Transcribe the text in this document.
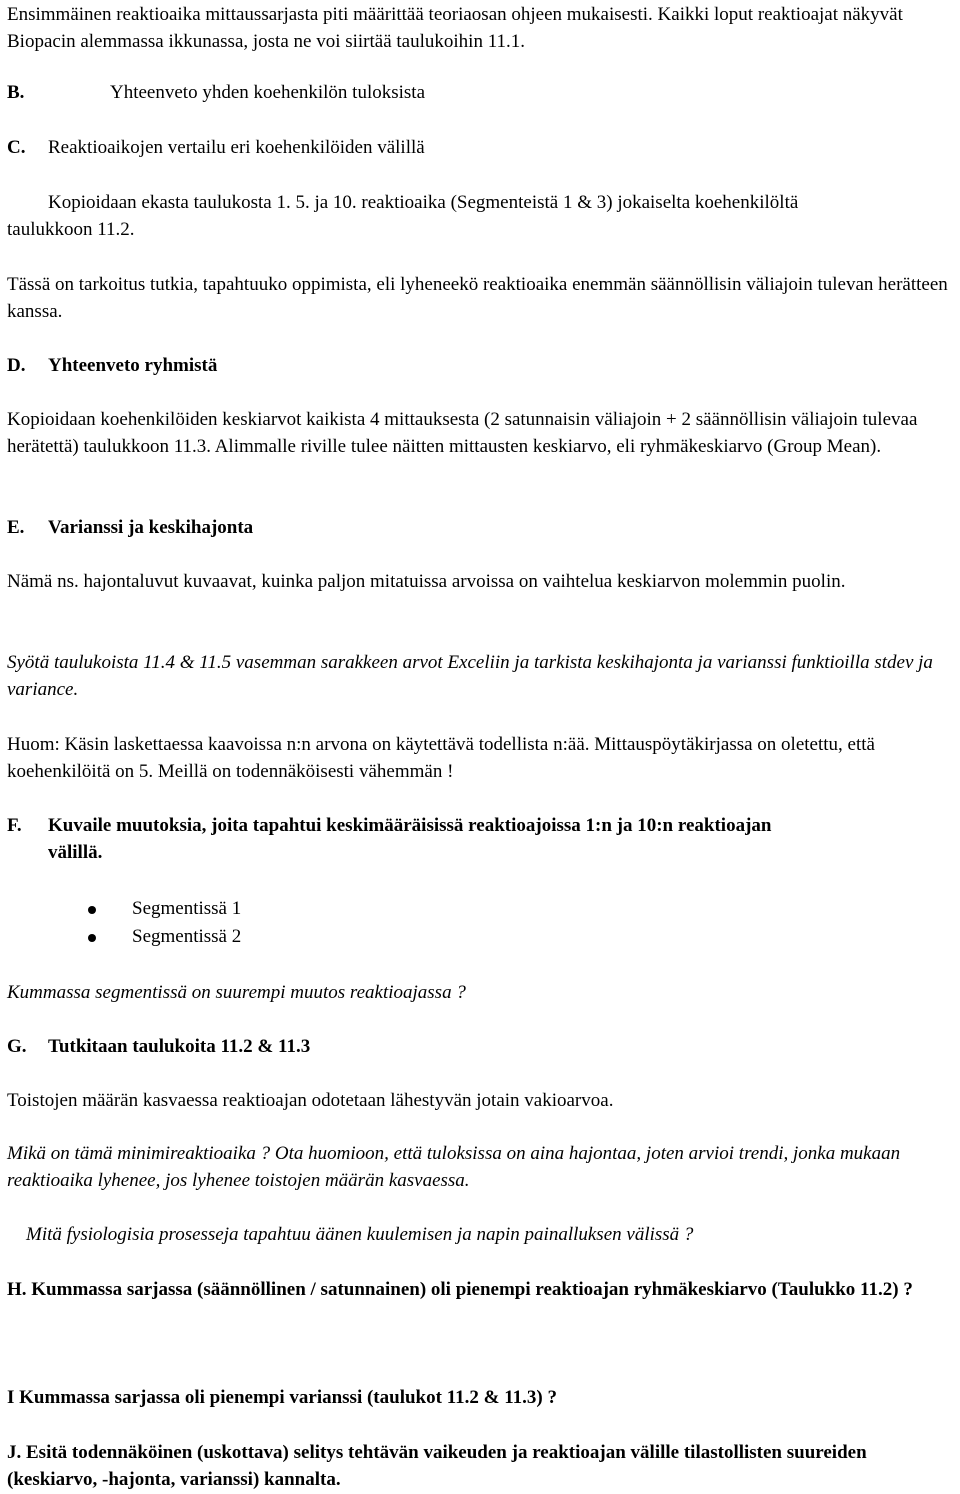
Ensimmäinen reaktioaika mittaussarjasta piti määrittää teoriaosan ohjeen mukaisesti. Kaikki loput reaktioajat näkyvät Biopacin alemmassa ikkunassa, josta ne voi siirtää taulukoihin 11.1.

B.	Yhteenveto yhden koehenkilön tuloksista

C. Reaktioaikojen vertailu eri koehenkilöiden välillä

Kopioidaan ekasta taulukosta 1. 5. ja 10. reaktioaika (Segmenteistä 1 & 3) jokaiselta koehenkilöltä

taulukkoon 11.2.

Tässä on tarkoitus tutkia, tapahtuuko oppimista, eli lyheneekö reaktioaika enemmän säännöllisin väliajoin tulevan herätteen kanssa.

D. Yhteenveto ryhmistä

Kopioidaan koehenkilöiden keskiarvot kaikista 4 mittauksesta (2 satunnaisin väliajoin + 2 säännöllisin väliajoin tulevaa herätettä) taulukkoon 11.3. Alimmalle riville tulee näitten mittausten keskiarvo, eli ryhmäkeskiarvo (Group Mean).

E. Varianssi ja keskihajonta

Nämä ns. hajontaluvut kuvaavat, kuinka paljon mitatuissa arvoissa on vaihtelua keskiarvon molemmin puolin.

Syötä taulukoista 11.4 & 11.5 vasemman sarakkeen arvot Exceliin ja tarkista keskihajonta ja varianssi funktioilla stdev ja variance.

Huom: Käsin laskettaessa kaavoissa n:n arvona on käytettävä todellista n:ää. Mittauspöytäkirjassa on oletettu, että koehenkilöitä on 5. Meillä on todennäköisesti vähemmän !

F. Kuvaile muutoksia, joita tapahtui keskimääräisissä reaktioajoissa 1:n ja 10:n reaktioajan

välillä.

Segmentissä 1

Segmentissä 2

Kummassa segmentissä on suurempi muutos reaktioajassa ?

G. Tutkitaan taulukoita 11.2 & 11.3

Toistojen määrän kasvaessa reaktioajan odotetaan lähestyvän jotain vakioarvoa.

Mikä on tämä minimireaktioaika ? Ota huomioon, että tuloksissa on aina hajontaa, joten arvioi trendi, jonka mukaan reaktioaika lyhenee, jos lyhenee toistojen määrän kasvaessa.

Mitä fysiologisia prosesseja tapahtuu äänen kuulemisen ja napin painalluksen välissä ?

H. Kummassa sarjassa (säännöllinen / satunnainen) oli pienempi reaktioajan ryhmäkeskiarvo (Taulukko 11.2) ?

I Kummassa sarjassa oli pienempi varianssi (taulukot 11.2 & 11.3) ?

J. Esitä todennäköinen (uskottava) selitys tehtävän vaikeuden ja reaktioajan välille tilastollisten suureiden (keskiarvo, -hajonta, varianssi) kannalta.
